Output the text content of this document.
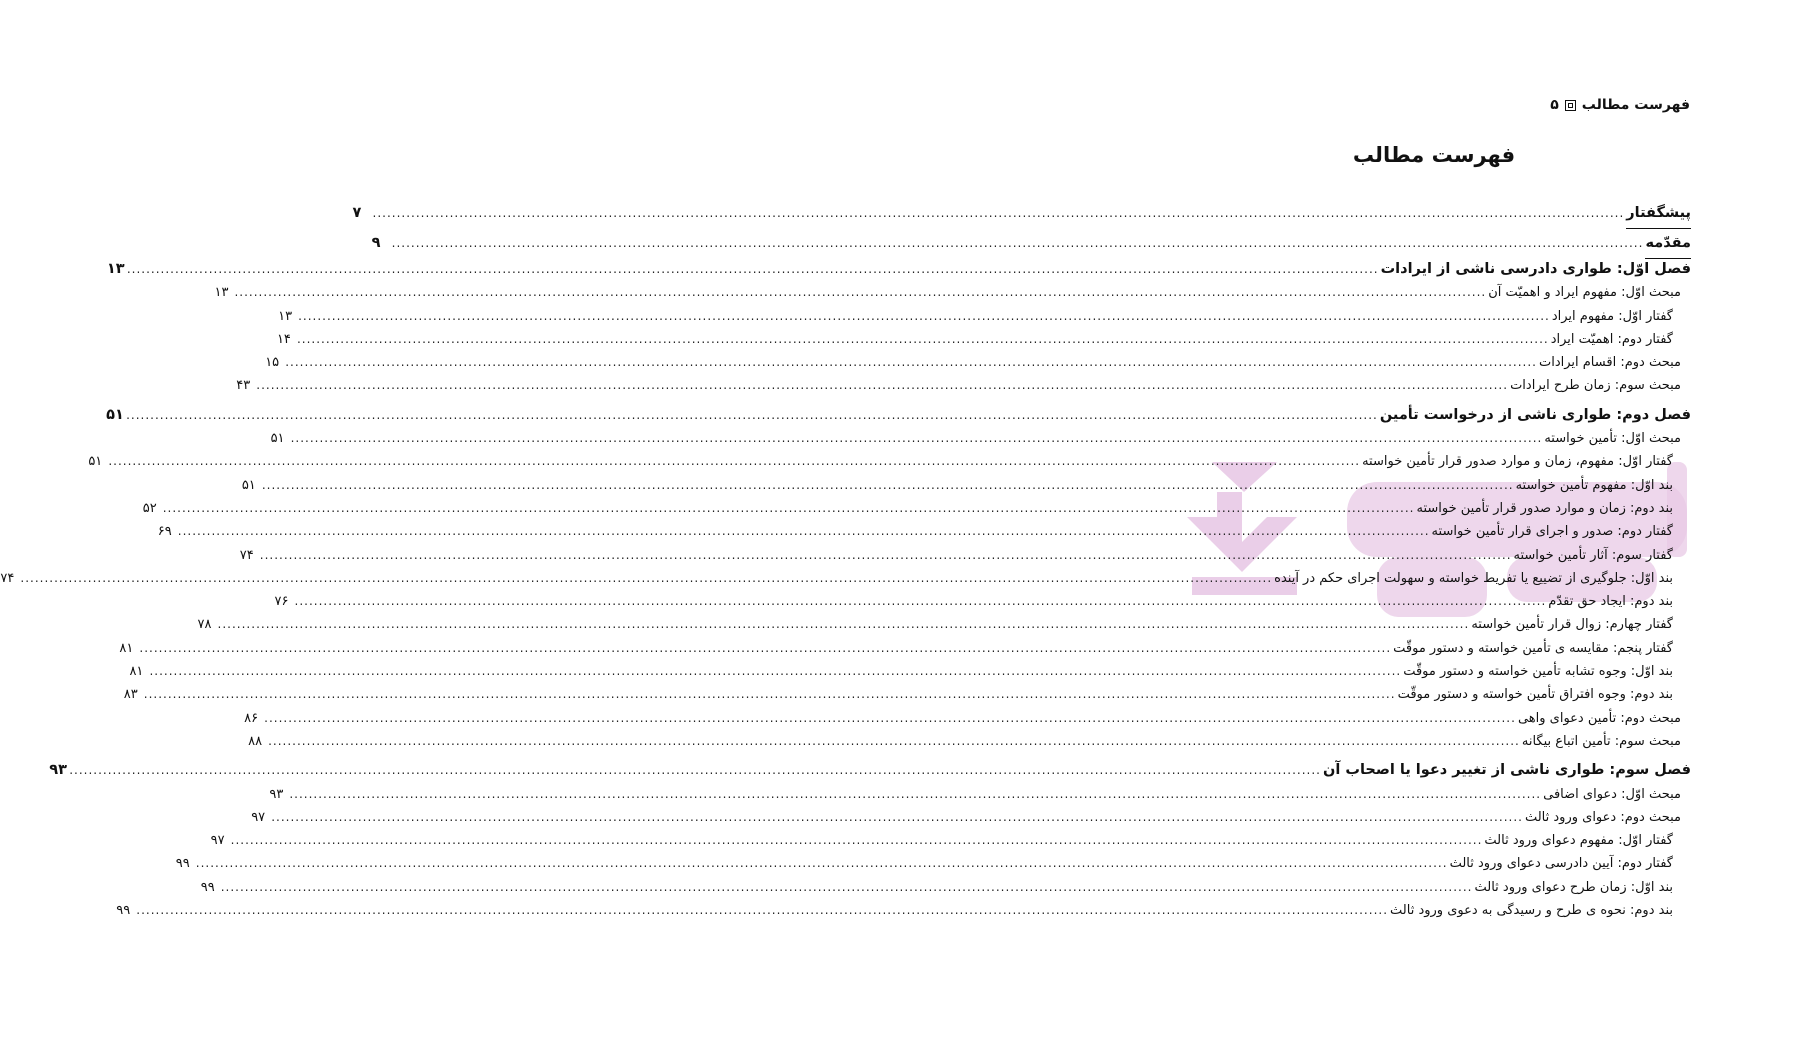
فهرست مطالب
۵
فهرست مطالب
پیشگفتار
....................................................................................................................................................................................................................................................................
۷
مقدّمه
....................................................................................................................................................................................................................................................................
۹
فصل اوّل: طواری دادرسی ناشی از ایرادات
....................................................................................................................................................................................................................................................................
۱۳
مبحث اوّل: مفهوم ایراد و اهمیّت آن
....................................................................................................................................................................................................................................................................
۱۳
گفتار اوّل: مفهوم ایراد
....................................................................................................................................................................................................................................................................
۱۳
گفتار دوم: اهمیّت ایراد
....................................................................................................................................................................................................................................................................
۱۴
مبحث دوم: اقسام ایرادات
....................................................................................................................................................................................................................................................................
۱۵
مبحث سوم: زمان طرح ایرادات
....................................................................................................................................................................................................................................................................
۴۳
فصل دوم: طواری ناشی از درخواست تأمین
....................................................................................................................................................................................................................................................................
۵۱
مبحث اوّل: تأمین خواسته
....................................................................................................................................................................................................................................................................
۵۱
گفتار اوّل: مفهوم، زمان و موارد صدور قرار تأمین خواسته
....................................................................................................................................................................................................................................................................
۵۱
بند اوّل: مفهوم تأمین خواسته
....................................................................................................................................................................................................................................................................
۵۱
بند دوم: زمان و موارد صدور قرار تأمین خواسته
....................................................................................................................................................................................................................................................................
۵۲
گفتار دوم: صدور و اجرای قرار تأمین خواسته
....................................................................................................................................................................................................................................................................
۶۹
گفتار سوم: آثار تأمین خواسته
....................................................................................................................................................................................................................................................................
۷۴
بند اوّل: جلوگیری از تضییع یا تفریط خواسته و سهولت اجرای حکم در آینده
....................................................................................................................................................................................................................................................................
۷۴
بند دوم: ایجاد حق تقدّم
....................................................................................................................................................................................................................................................................
۷۶
گفتار چهارم: زوال قرار تأمین خواسته
....................................................................................................................................................................................................................................................................
۷۸
گفتار پنجم: مقایسه ی تأمین خواسته و دستور موقّت
....................................................................................................................................................................................................................................................................
۸۱
بند اوّل: وجوه تشابه تأمین خواسته و دستور موقّت
....................................................................................................................................................................................................................................................................
۸۱
بند دوم: وجوه افتراق تأمین خواسته و دستور موقّت
....................................................................................................................................................................................................................................................................
۸۳
مبحث دوم: تأمین دعوای واهی
....................................................................................................................................................................................................................................................................
۸۶
مبحث سوم: تأمین اتباع بیگانه
....................................................................................................................................................................................................................................................................
۸۸
فصل سوم: طواری ناشی از تغییر دعوا یا اصحاب آن
....................................................................................................................................................................................................................................................................
۹۳
مبحث اوّل: دعوای اضافی
....................................................................................................................................................................................................................................................................
۹۳
مبحث دوم: دعوای ورود ثالث
....................................................................................................................................................................................................................................................................
۹۷
گفتار اوّل: مفهوم دعوای ورود ثالث
....................................................................................................................................................................................................................................................................
۹۷
گفتار دوم: آیین دادرسی دعوای ورود ثالث
....................................................................................................................................................................................................................................................................
۹۹
بند اوّل: زمان طرح دعوای ورود ثالث
....................................................................................................................................................................................................................................................................
۹۹
بند دوم: نحوه ی طرح و رسیدگی به دعوی ورود ثالث
....................................................................................................................................................................................................................................................................
۹۹
